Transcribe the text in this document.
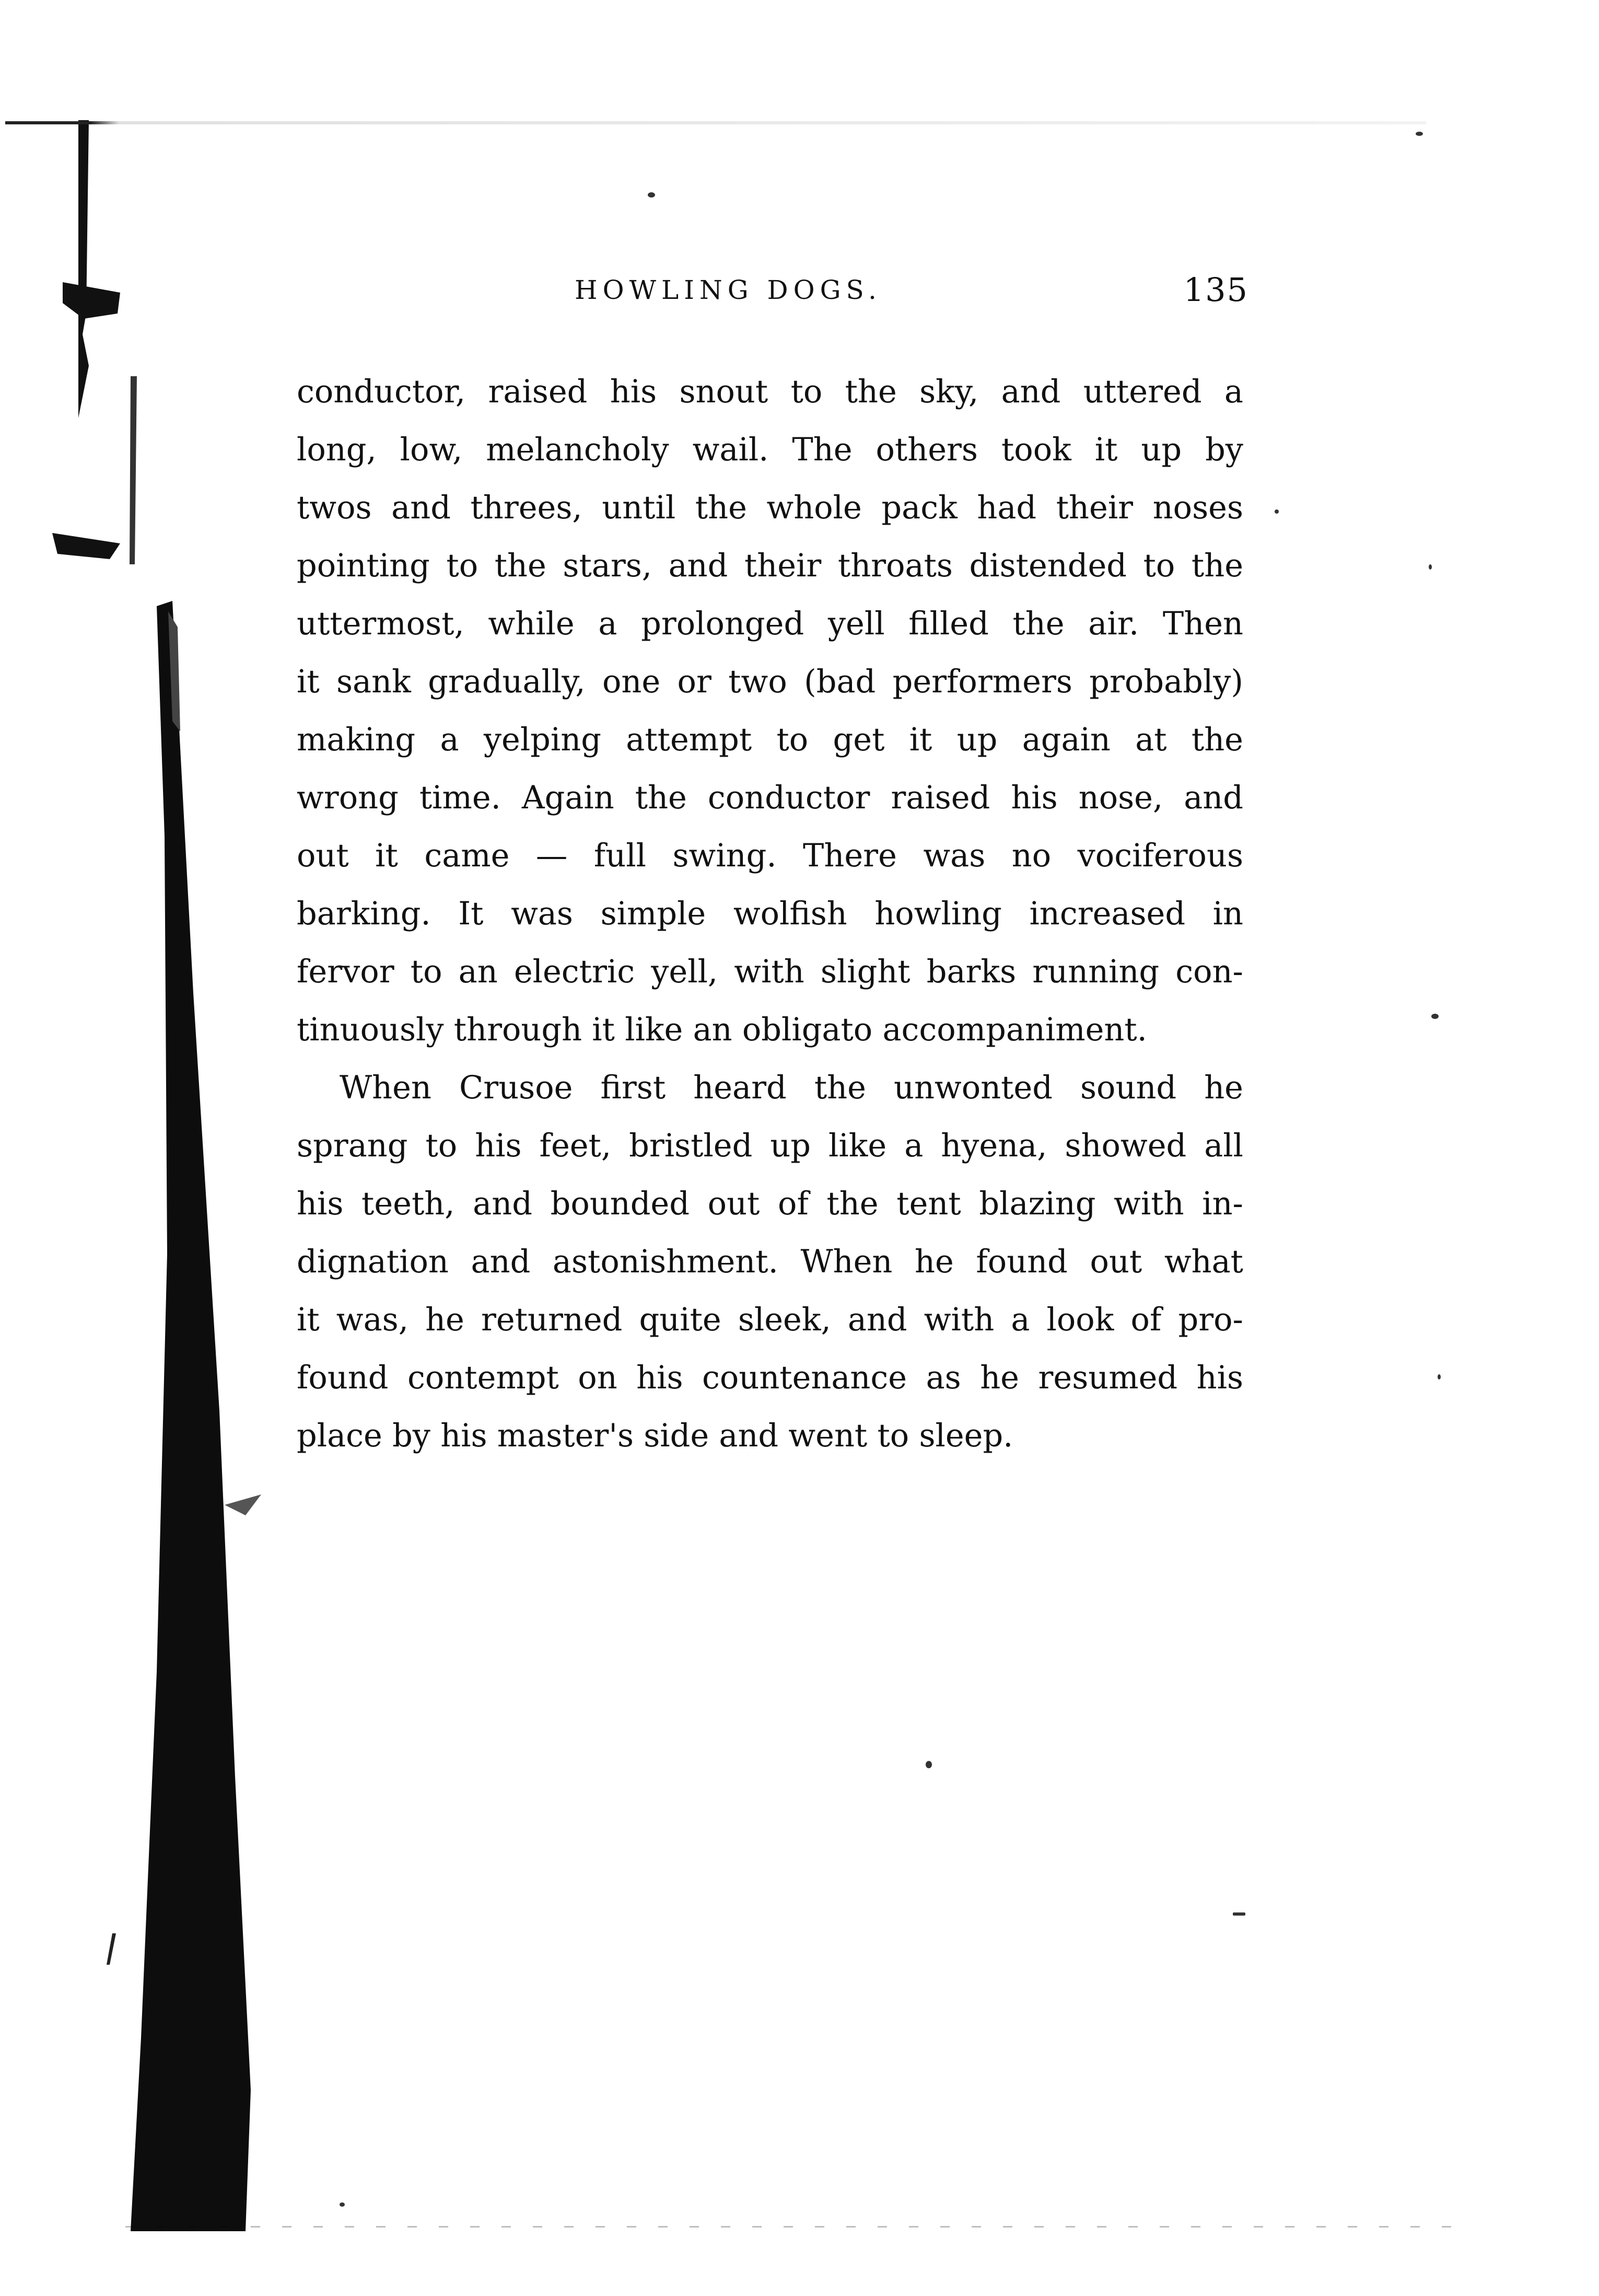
HOWLING DOGS.	135
conductor, raised his snout to the sky, and uttered a
long, low, melancholy wail. The others took it up by
twos and threes, until the whole pack had their noses
pointing to the stars, and their throats distended to the
uttermost, while a prolonged yell filled the air. Then
it sank gradually, one or two (bad performers probably)
making a yelping attempt to get it up again at the
wrong time. Again the conductor raised his nose, and
out it came — full swing. There was no vociferous
barking. It was simple wolfish howling increased in
fervor to an electric yell, with slight barks running con-
tinuously through it like an obligato accompaniment.
When Crusoe first heard the unwonted sound he
sprang to his feet, bristled up like a hyena, showed all
his teeth, and bounded out of the tent blazing with in-
dignation and astonishment. When he found out what
it was, he returned quite sleek, and with a look of pro-
found contempt on his countenance as he resumed his
place by his master's side and went to sleep.
